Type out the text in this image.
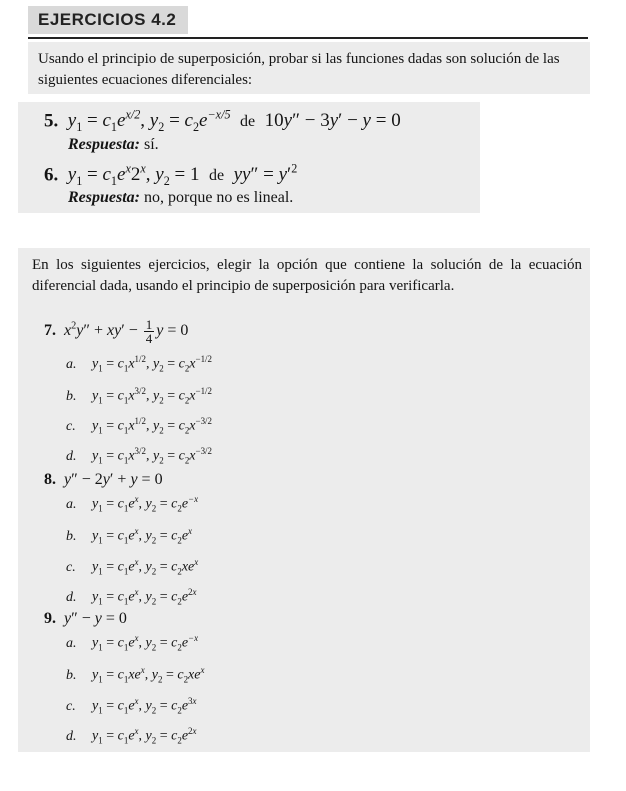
EJERCICIOS 4.2
Usando el principio de superposición, probar si las funciones dadas son solución de las siguientes ecuaciones diferenciales:
5. $y_1 = c_1e^{x/2}$, $y_2 = c_2e^{-x/5}$ de  10y″ − 3y′ − y = 0
Respuesta: sí.
6. $y_1 = c_1e^x2^x$, $y_2 = 1$  de $yy'' = y'^2$
Respuesta: no, porque no es lineal.
En los siguientes ejercicios, elegir la opción que contiene la solución de la ecuación diferencial dada, usando el principio de superposición para verificarla.
7. $x^2y'' + xy' - \frac{1}{4}$ y = 0
a. $y_1 = c_1x^{1/2}$, $y_2 = c_2x^{-1/2}$
b. $y_1 = c_1x^{3/2}$, $y_2 = c_2x^{-1/2}$
c. $y_1 = c_1x^{1/2}$, $y_2 = c_2x^{-3/2}$
d. $y_1 = c_1x^{3/2}$, $y_2 = c_2x^{-3/2}$
8. y″ − 2y′ + y = 0
a. $y_1 = c_1e^x$, $y_2 = c_2e^{-x}$
b. $y_1 = c_1e^x$, $y_2 = c_2e^x$
c. $y_1 = c_1e^x$, $y_2 = c_2xe^x$
d. $y_1 = c_1e^x$, $y_2 = c_2e^{2x}$
9. y″ − y = 0
a. $y_1 = c_1e^x$, $y_2 = c_2e^{-x}$
b. $y_1 = c_1xe^x$, $y_2 = c_2xe^x$
c. $y_1 = c_1e^x$, $y_2 = c_2e^{3x}$
d. $y_1 = c_1e^x$, $y_2 = c_2e^{2x}$
